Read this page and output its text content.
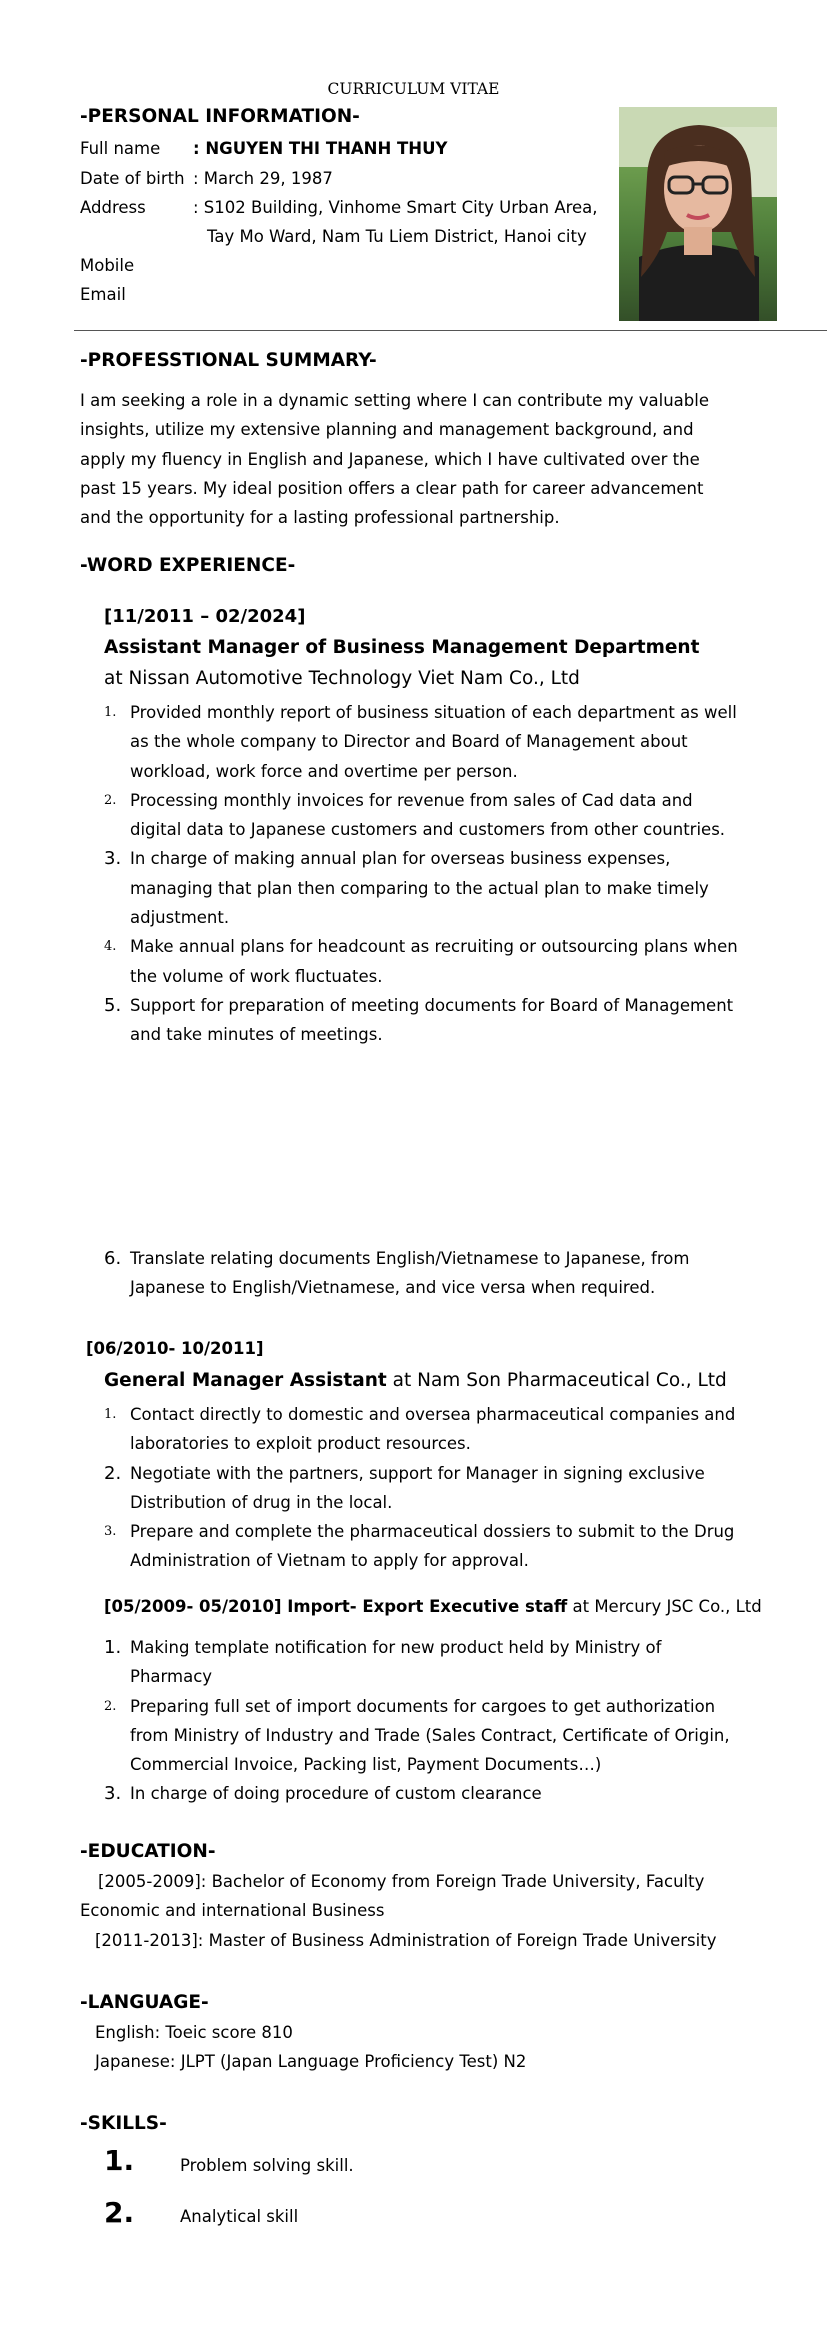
CURRICULUM VITAE
-PERSONAL INFORMATION-
Full name : NGUYEN THI THANH THUY
Date of birth : March 29, 1987
Address	: S102 Building, Vinhome Smart City Urban Area,
Tay Mo Ward, Nam Tu Liem District, Hanoi city
Mobile
Email
-PROFESSTIONAL SUMMARY-
I am seeking a role in a dynamic setting where I can contribute my valuable
insights, utilize my extensive planning and management background, and
apply my fluency in English and Japanese, which I have cultivated over the
past 15 years. My ideal position offers a clear path for career advancement
and the opportunity for a lasting professional partnership.
-WORD EXPERIENCE-
[11/2011 – 02/2024]
Assistant Manager of Business Management Department
at Nissan Automotive Technology Viet Nam Co., Ltd
1. Provided monthly report of business situation of each department as well
as the whole company to Director and Board of Management about
workload, work force and overtime per person.
2. Processing monthly invoices for revenue from sales of Cad data and
digital data to Japanese customers and customers from other countries.
3. In charge of making annual plan for overseas business expenses,
managing that plan then comparing to the actual plan to make timely
adjustment.
4. Make annual plans for headcount as recruiting or outsourcing plans when
the volume of work fluctuates.
5. Support for preparation of meeting documents for Board of Management
and take minutes of meetings.
6. Translate relating documents English/Vietnamese to Japanese, from
Japanese to English/Vietnamese, and vice versa when required.
[06/2010- 10/2011]
General Manager Assistant at Nam Son Pharmaceutical Co., Ltd
1. Contact directly to domestic and oversea pharmaceutical companies and
laboratories to exploit product resources.
2. Negotiate with the partners, support for Manager in signing exclusive
Distribution of drug in the local.
3. Prepare and complete the pharmaceutical dossiers to submit to the Drug
Administration of Vietnam to apply for approval.
[05/2009- 05/2010] Import- Export Executive staff at Mercury JSC Co., Ltd
1. Making template notification for new product held by Ministry of
Pharmacy
2. Preparing full set of import documents for cargoes to get authorization
from Ministry of Industry and Trade (Sales Contract, Certificate of Origin,
Commercial Invoice, Packing list, Payment Documents…)
3. In charge of doing procedure of custom clearance
-EDUCATION-
[2005-2009]: Bachelor of Economy from Foreign Trade University, Faculty
Economic and international Business
[2011-2013]: Master of Business Administration of Foreign Trade University
-LANGUAGE-
English: Toeic score 810
Japanese: JLPT (Japan Language Proficiency Test) N2
-SKILLS-
1.	Problem solving skill.
2.	Analytical skill
